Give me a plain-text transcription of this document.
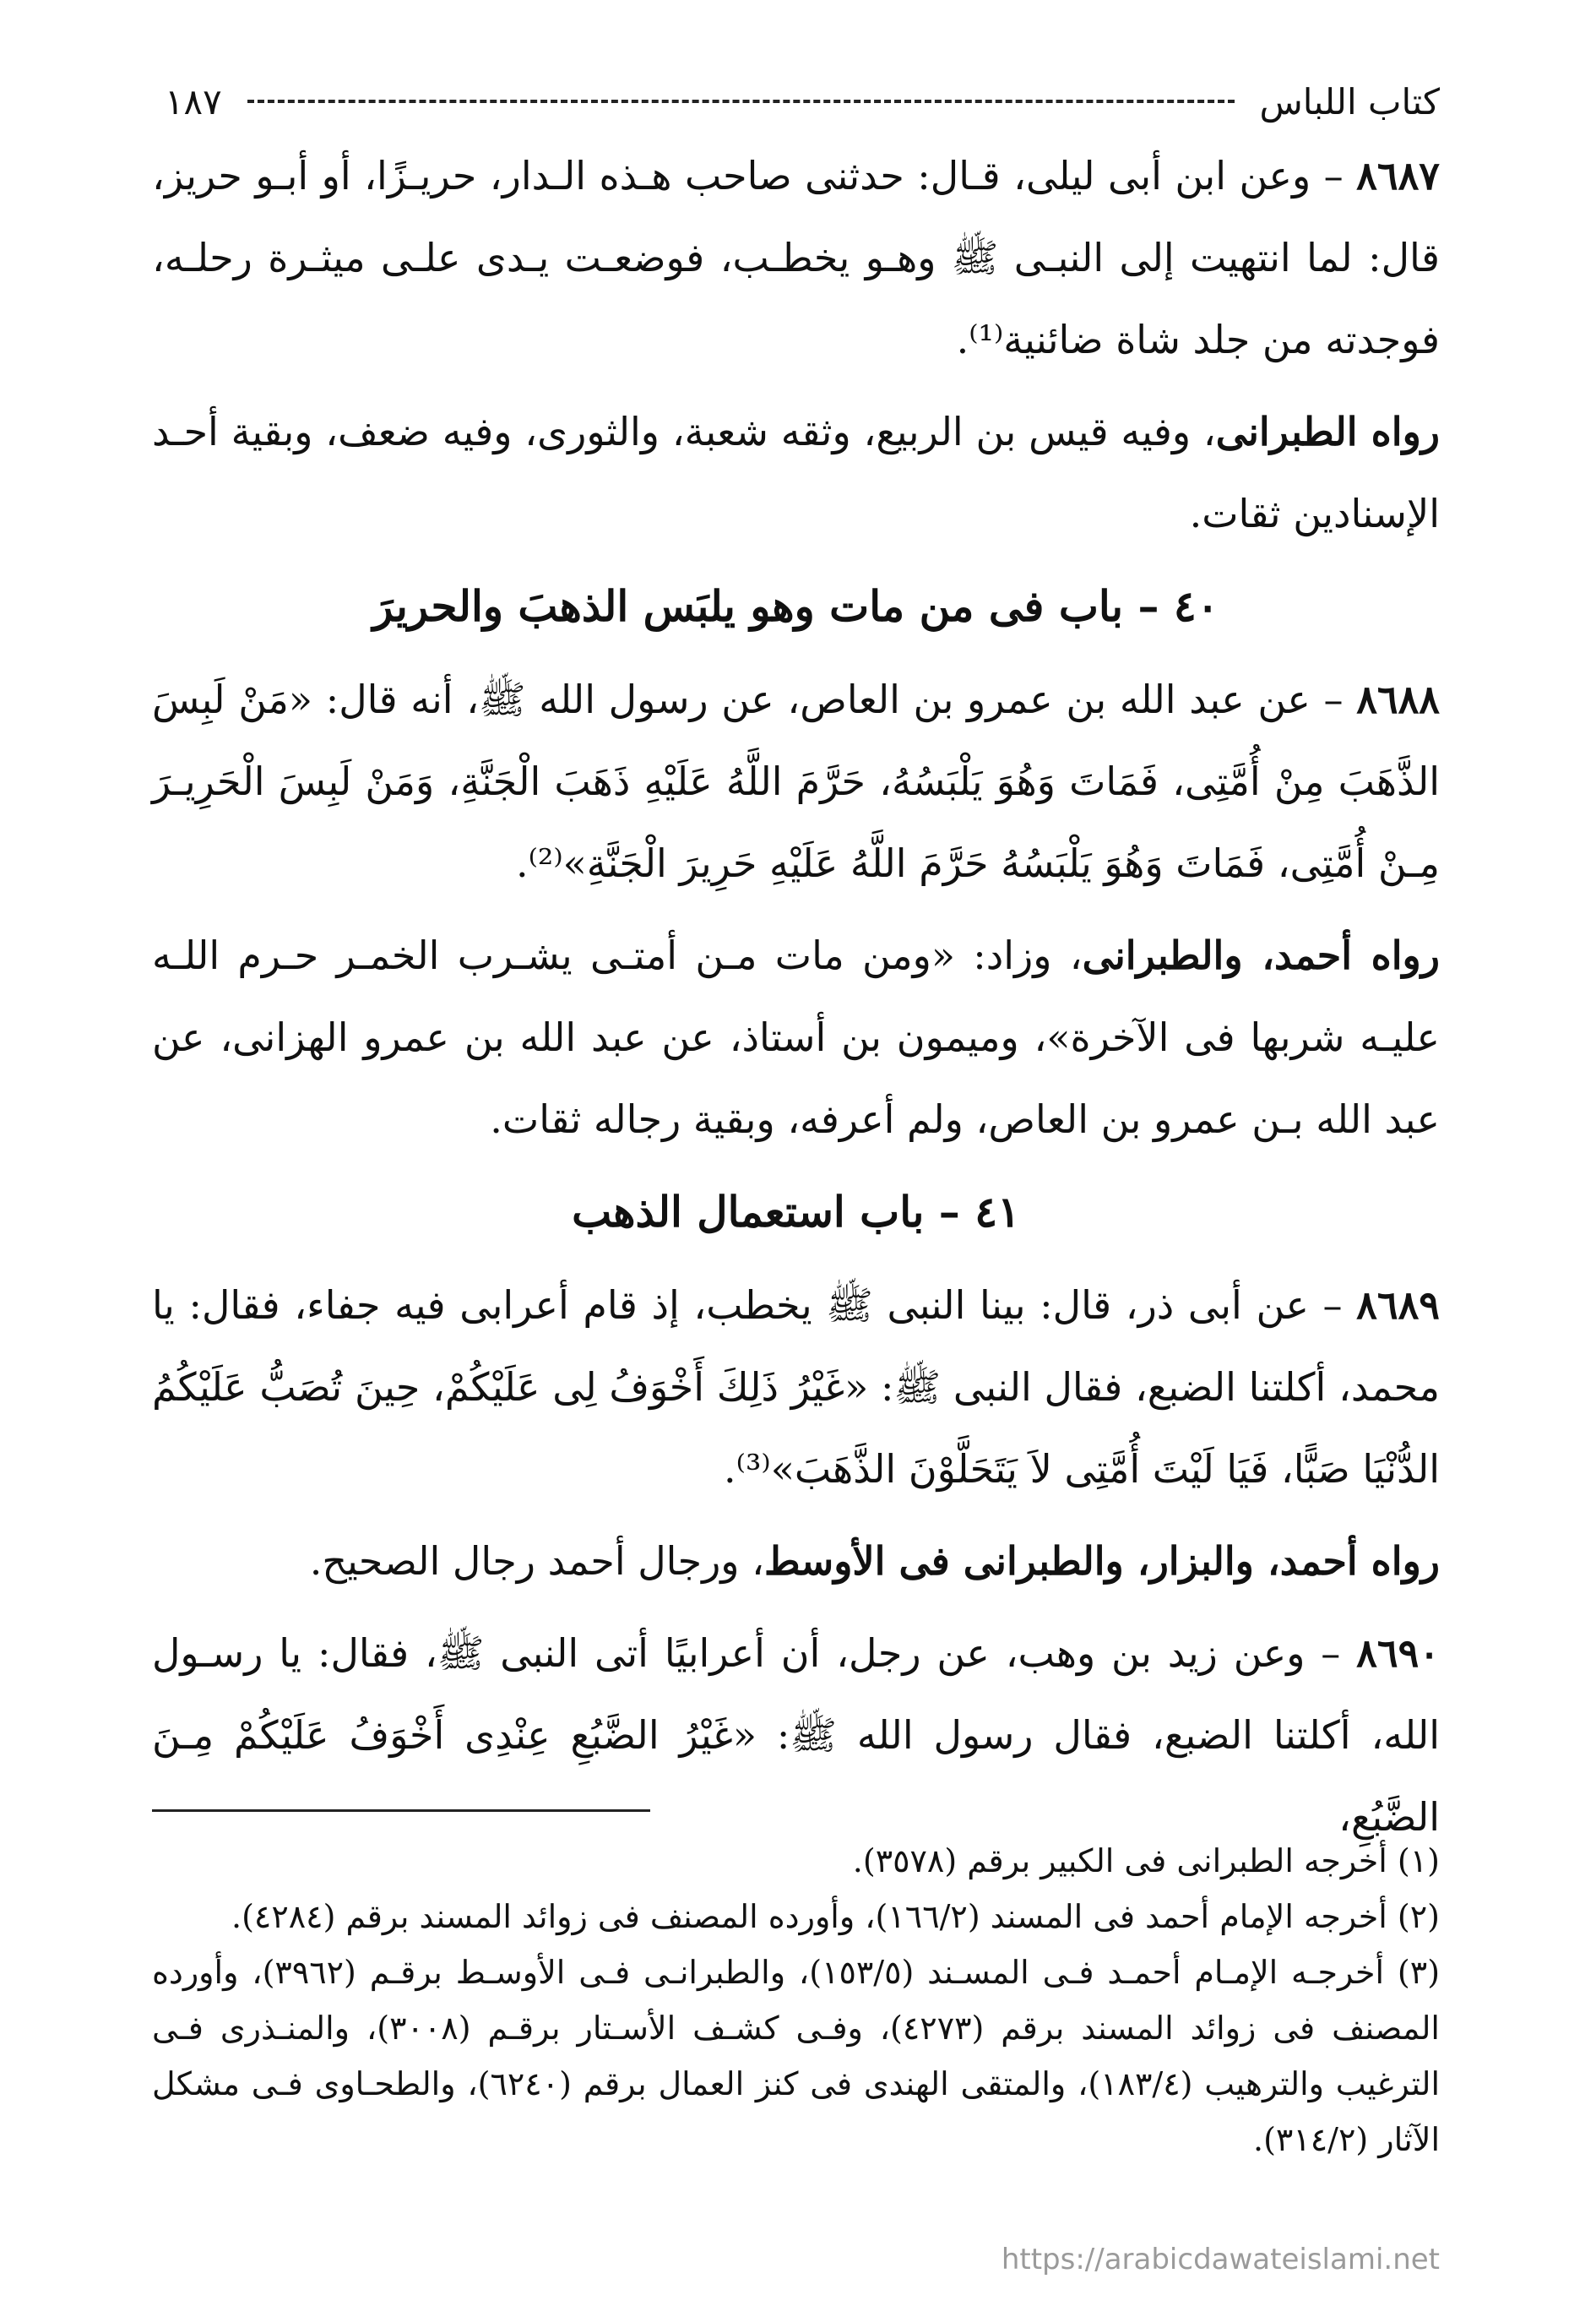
كتاب اللباس
١٨٧

٨٦٨٧ – وعن ابن أبى ليلى، قـال: حدثنى صاحب هـذه الـدار، حريـزًا، أو أبـو حريز، قال: لما انتهيت إلى النبـى ﷺ وهـو يخطـب، فوضعـت يـدى علـى ميثـرة رحلـه، فوجدته من جلد شاة ضائنية⁽¹⁾.

رواه الطبرانى، وفيه قيس بن الربيع، وثقه شعبة، والثورى، وفيه ضعف، وبقية أحـد الإسنادين ثقات.

٤٠ – باب فى من مات وهو يلبَس الذهبَ والحريرَ

٨٦٨٨ – عن عبد الله بن عمرو بن العاص، عن رسول الله ﷺ، أنه قال: «مَنْ لَبِسَ الذَّهَبَ مِنْ أُمَّتِى، فَمَاتَ وَهُوَ يَلْبَسُهُ، حَرَّمَ اللَّهُ عَلَيْهِ ذَهَبَ الْجَنَّةِ، وَمَنْ لَبِسَ الْحَرِيـرَ مِـنْ أُمَّتِى، فَمَاتَ وَهُوَ يَلْبَسُهُ حَرَّمَ اللَّهُ عَلَيْهِ حَرِيرَ الْجَنَّةِ»⁽²⁾.

رواه أحمد، والطبرانى، وزاد: «ومن مات مـن أمتـى يشـرب الخمـر حـرم اللـه عليـه شربها فى الآخرة»، وميمون بن أستاذ، عن عبد الله بن عمرو الهزانى، عن عبد الله بـن عمرو بن العاص، ولم أعرفه، وبقية رجاله ثقات.

٤١ – باب استعمال الذهب

٨٦٨٩ – عن أبى ذر، قال: بينا النبى ﷺ يخطب، إذ قام أعرابى فيه جفاء، فقال: يا محمد، أكلتنا الضبع، فقال النبى ﷺ: «غَيْرُ ذَلِكَ أَخْوَفُ لِى عَلَيْكُمْ، حِينَ تُصَبُّ عَلَيْكُمُ الدُّنْيَا صَبًّا، فَيَا لَيْتَ أُمَّتِى لاَ يَتَحَلَّوْنَ الذَّهَبَ»⁽³⁾.

رواه أحمد، والبزار، والطبرانى فى الأوسط، ورجال أحمد رجال الصحيح.

٨٦٩٠ – وعن زيد بن وهب، عن رجل، أن أعرابيًا أتى النبى ﷺ، فقال: يا رسـول الله، أكلتنا الضبع، فقال رسول الله ﷺ: «غَيْرُ الضَّبُعِ عِنْدِى أَخْوَفُ عَلَيْكُمْ مِـنَ الضَّبُعِ،

(١) أخرجه الطبرانى فى الكبير برقم (٣٥٧٨).

(٢) أخرجه الإمام أحمد فى المسند (١٦٦/٢)، وأورده المصنف فى زوائد المسند برقم (٤٢٨٤).

(٣) أخرجـه الإمـام أحمـد فـى المسـند (١٥٣/٥)، والطبرانـى فـى الأوسـط برقـم (٣٩٦٢)، وأورده المصنف فى زوائد المسند برقم (٤٢٧٣)، وفـى كشـف الأسـتار برقـم (٣٠٠٨)، والمنـذرى فـى الترغيب والترهيب (١٨٣/٤)، والمتقى الهندى فى كنز العمال برقم (٦٢٤٠)، والطحـاوى فـى مشكل الآثار (٣١٤/٢).

https://arabicdawateislami.net
